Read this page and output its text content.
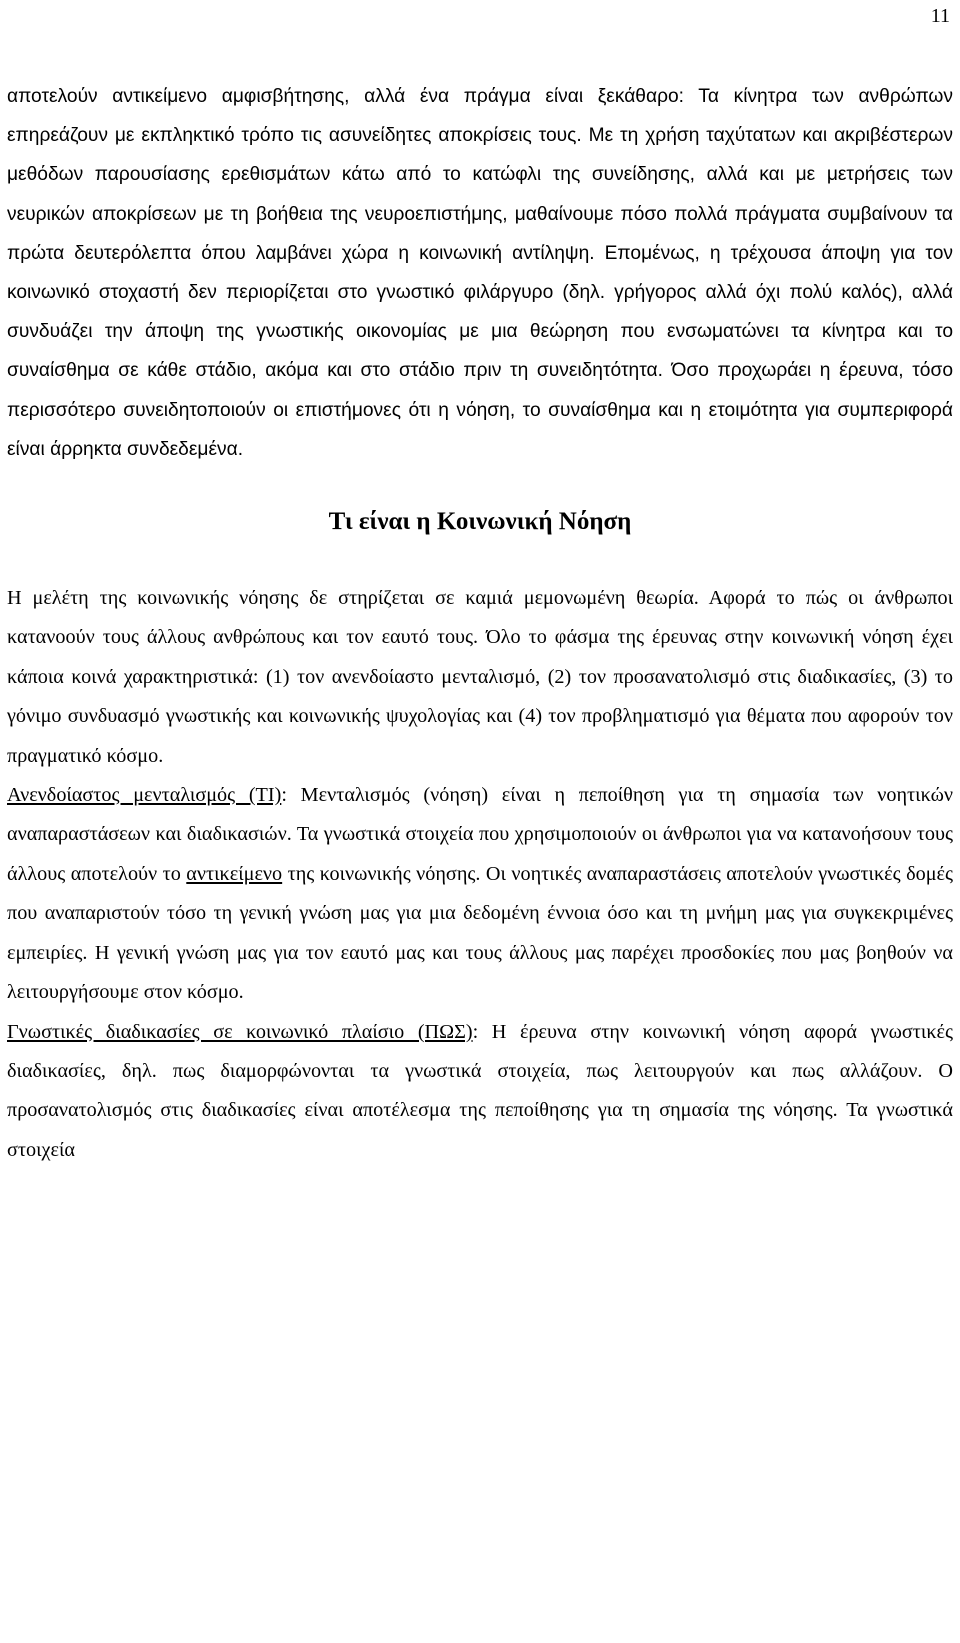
11

αποτελούν αντικείμενο αμφισβήτησης, αλλά ένα πράγμα είναι ξεκάθαρο: Τα κίνητρα των ανθρώπων επηρεάζουν με εκπληκτικό τρόπο τις ασυνείδητες αποκρίσεις τους. Με τη χρήση ταχύτατων και ακριβέστερων μεθόδων παρουσίασης ερεθισμάτων κάτω από το κατώφλι της συνείδησης, αλλά και με μετρήσεις των νευρικών αποκρίσεων με τη βοήθεια της νευροεπιστήμης, μαθαίνουμε πόσο πολλά πράγματα συμβαίνουν τα πρώτα δευτερόλεπτα όπου λαμβάνει χώρα η κοινωνική αντίληψη. Επομένως, η τρέχουσα άποψη για τον κοινωνικό στοχαστή δεν περιορίζεται στο γνωστικό φιλάργυρο (δηλ. γρήγορος αλλά όχι πολύ καλός), αλλά συνδυάζει την άποψη της γνωστικής οικονομίας με μια θεώρηση που ενσωματώνει τα κίνητρα και το συναίσθημα σε κάθε στάδιο, ακόμα και στο στάδιο πριν τη συνειδητότητα. Όσο προχωράει η έρευνα, τόσο περισσότερο συνειδητοποιούν οι επιστήμονες ότι η νόηση, το συναίσθημα και η ετοιμότητα για συμπεριφορά είναι άρρηκτα συνδεδεμένα.

Τι είναι η Κοινωνική Νόηση

Η μελέτη της κοινωνικής νόησης δε στηρίζεται σε καμιά μεμονωμένη θεωρία. Αφορά το πώς οι άνθρωποι κατανοούν τους άλλους ανθρώπους και τον εαυτό τους. Όλο το φάσμα της έρευνας στην κοινωνική νόηση έχει κάποια κοινά χαρακτηριστικά: (1) τον ανενδοίαστο μενταλισμό, (2) τον προσανατολισμό στις διαδικασίες, (3) το γόνιμο συνδυασμό γνωστικής και κοινωνικής ψυχολογίας και (4) τον προβληματισμό για θέματα που αφορούν τον πραγματικό κόσμο.

Ανενδοίαστος μενταλισμός (ΤΙ): Μενταλισμός (νόηση) είναι η πεποίθηση για τη σημασία των νοητικών αναπαραστάσεων και διαδικασιών. Τα γνωστικά στοιχεία που χρησιμοποιούν οι άνθρωποι για να κατανοήσουν τους άλλους αποτελούν το αντικείμενο της κοινωνικής νόησης. Οι νοητικές αναπαραστάσεις αποτελούν γνωστικές δομές που αναπαριστούν τόσο τη γενική γνώση μας για μια δεδομένη έννοια όσο και τη μνήμη μας για συγκεκριμένες εμπειρίες. Η γενική γνώση μας για τον εαυτό μας και τους άλλους μας παρέχει προσδοκίες που μας βοηθούν να λειτουργήσουμε στον κόσμο.

Γνωστικές διαδικασίες σε κοινωνικό πλαίσιο (ΠΩΣ): Η έρευνα στην κοινωνική νόηση αφορά γνωστικές διαδικασίες, δηλ. πως διαμορφώνονται τα γνωστικά στοιχεία, πως λειτουργούν και πως αλλάζουν. Ο προσανατολισμός στις διαδικασίες είναι αποτέλεσμα της πεποίθησης για τη σημασία της νόησης. Τα γνωστικά στοιχεία
